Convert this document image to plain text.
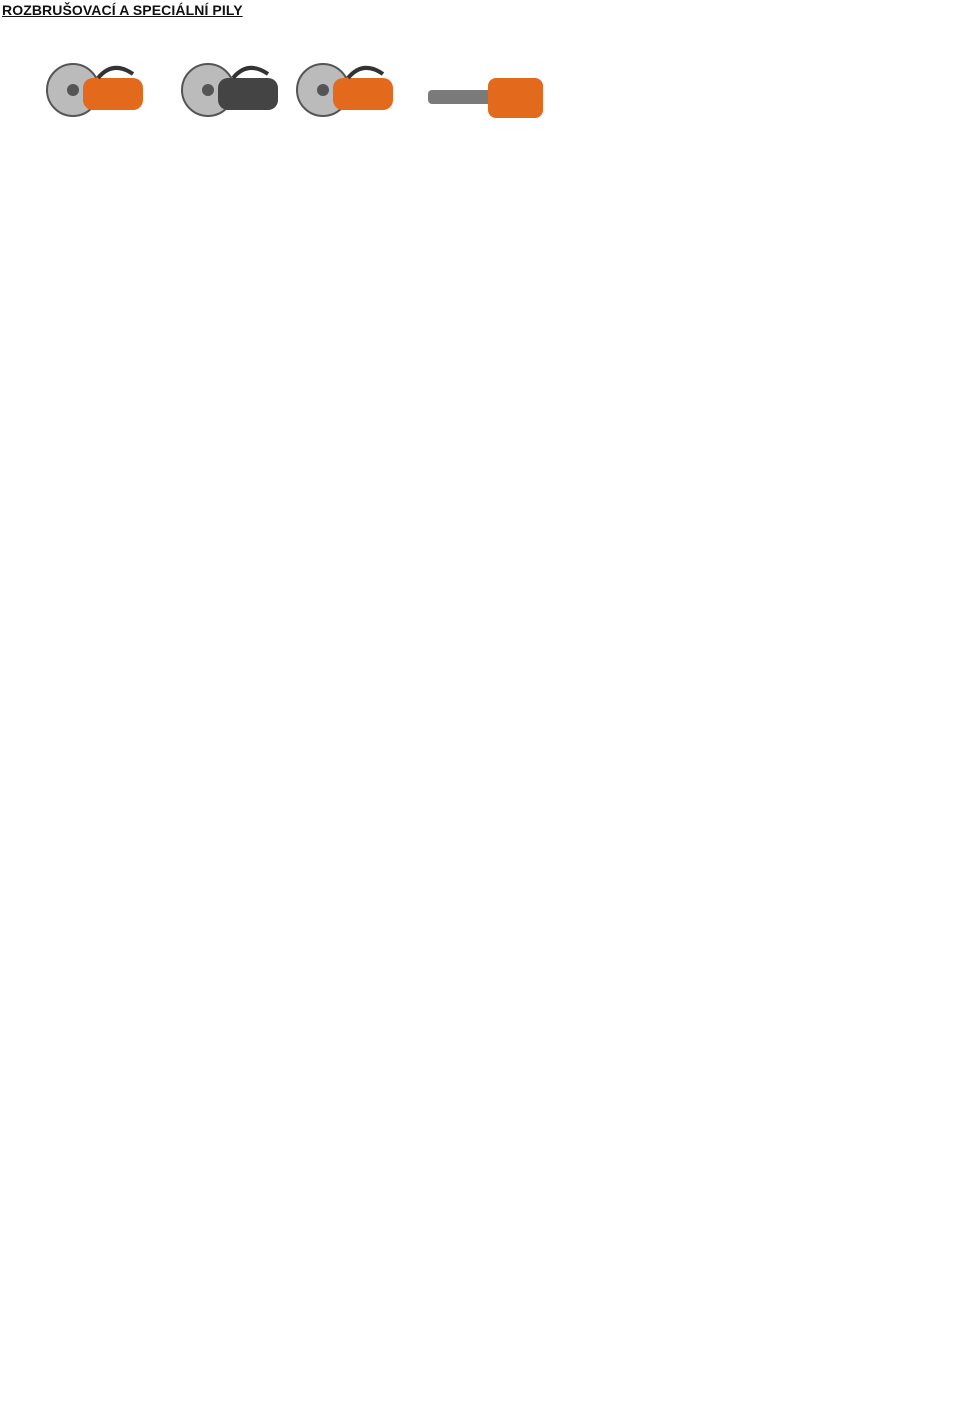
ROZBRUŠOVACÍ A SPECIÁLNÍ PILY
